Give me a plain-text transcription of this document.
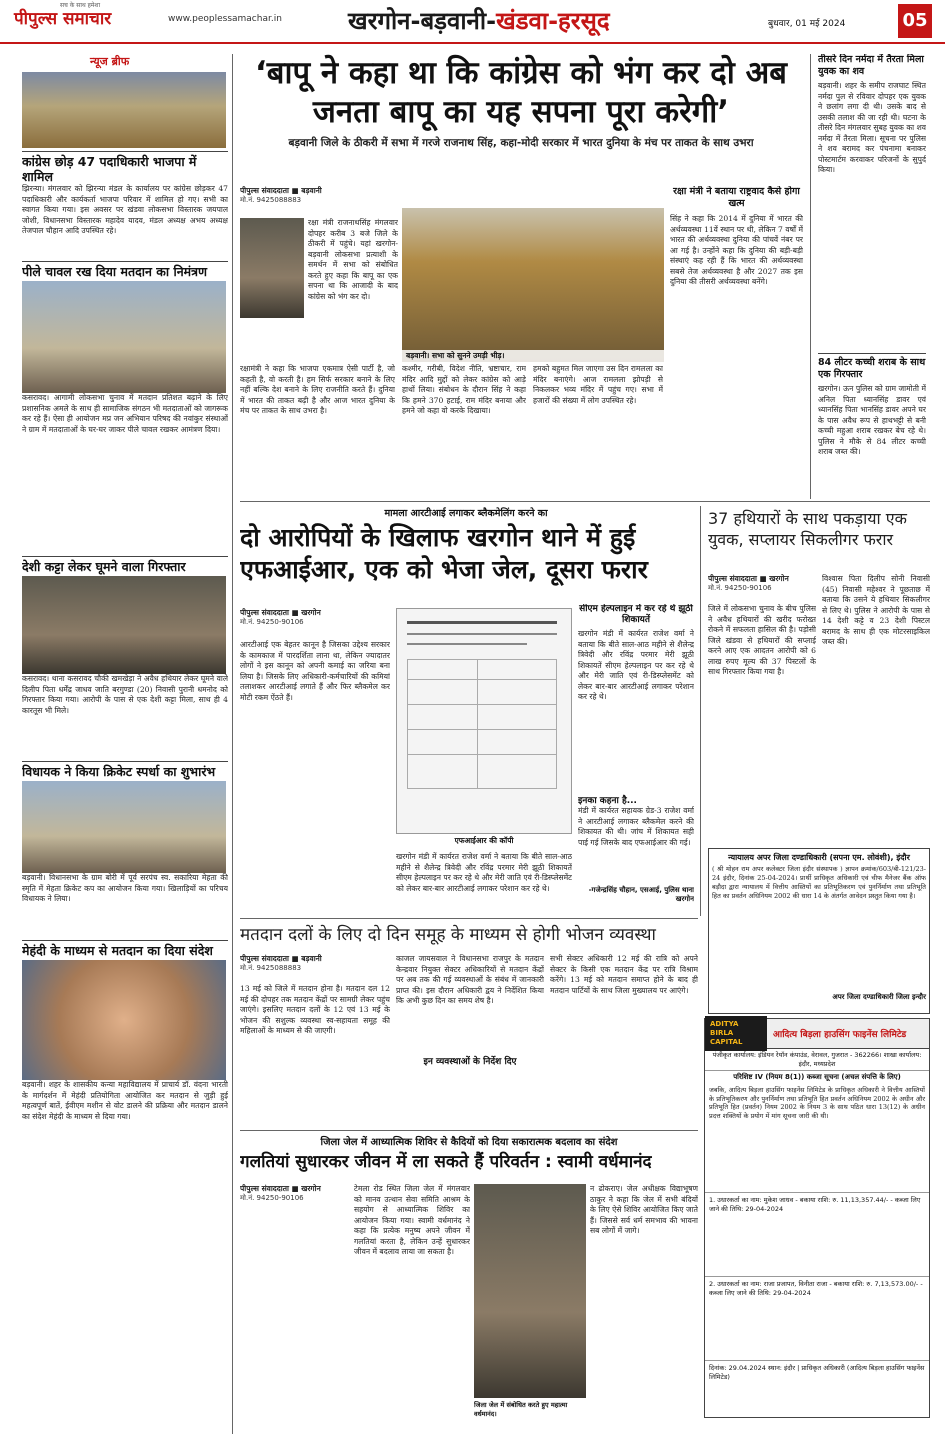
पीपुल्स समाचार
सच के साथ हमेशा
www.peoplessamachar.in	खरगोन-बड़वानी-खंडवा-हरसूद	बुधवार, 01 मई 2024	05
न्यूज ब्रीफ
कांग्रेस छोड़ 47 पदाधिकारी भाजपा में शामिल
झिरन्या। मंगलवार को झिरन्या मंडल के कार्यालय पर कांग्रेस छोड़कर 47 पदाधिकारी और कार्यकर्ता भाजपा परिवार में शामिल हो गए। सभी का स्वागत किया गया। इस अवसर पर खंडवा लोकसभा विस्तारक जयपाल जोशी, विधानसभा विस्तारक महादेव यादव, मंडल अध्यक्ष अभय अध्यक्ष तेजपाल चौहान आदि उपस्थित रहे।
पीले चावल रख दिया मतदान का निमंत्रण
कसरावद। आगामी लोकसभा चुनाव में मतदान प्रतिशत बढ़ाने के लिए प्रशासनिक अमले के साथ ही सामाजिक संगठन भी मतदाताओं को जागरूक कर रहे हैं। ऐसा ही आयोजन मप्र जन अभियान परिषद की नवांकुर संस्थाओं ने ग्राम में मतदाताओं के घर-घर जाकर पीले चावल रखकर आमंत्रण दिया।
देशी कट्टा लेकर घूमने वाला गिरफ्तार
कसरावद। थाना कसरावद चौकी खमखेड़ा ने अवैध हथियार लेकर घूमने वाले दिलीप पिता धर्मेंद्र जाधव जाति बरगुण्डा (20) निवासी पुरानी धमनोद को गिरफ्तार किया गया। आरोपी के पास से एक देशी कट्टा मिला, साथ ही 4 कारतूस भी मिले।
विधायक ने किया क्रिकेट स्पर्धा का शुभारंभ
बड़वानी। विधानसभा के ग्राम बोरी में पूर्व सरपंच स्व. सकारिया मेहता की स्मृति में मेहता क्रिकेट कप का आयोजन किया गया। खिलाड़ियों का परिचय विधायक ने लिया।
मेहंदी के माध्यम से मतदान का दिया संदेश
बड़वानी। शहर के शासकीय कन्या महाविद्यालय में प्राचार्य डॉ. वंदना भारती के मार्गदर्शन में मेहंदी प्रतियोगिता आयोजित कर मतदान से जुड़ी हुई महत्वपूर्ण बातें, ईवीएम मशीन से वोट डालने की प्रक्रिया और मतदान डालने का संदेश मेहंदी के माध्यम से दिया गया।
‘बापू ने कहा था कि कांग्रेस को भंग कर दो अब जनता बापू का यह सपना पूरा करेगी’
बड़वानी जिले के ठीकरी में सभा में गरजे राजनाथ सिंह, कहा-मोदी सरकार में भारत दुनिया के मंच पर ताकत के साथ उभरा
पीपुल्स संवाददाता ■ बड़वानी
मो.नं. 9425088883
रक्षा मंत्री राजनाथसिंह मंगलवार दोपहर करीब 3 बजे जिले के ठीकरी में पहुंचे। यहां खरगोन-बड़वानी लोकसभा प्रत्याशी के समर्थन में सभा को संबोधित करते हुए कहा कि बापू का एक सपना था कि आजादी के बाद कांग्रेस को भंग कर दो।
बड़वानी। सभा को सुनने उमड़ी भीड़।
रक्षामंत्री ने कहा कि भाजपा एकमात्र ऐसी पार्टी है, जो कहती है, वो करती है। हम सिर्फ सरकार बनाने के लिए नहीं बल्कि देश बनाने के लिए राजनीति करते हैं। दुनिया में भारत की ताकत बढ़ी है और आज भारत दुनिया के मंच पर ताकत के साथ उभरा है।
कश्मीर, गरीबी, विदेश नीति, भ्रष्टाचार, राम मंदिर आदि मुद्दों को लेकर कांग्रेस को आड़े हाथों लिया। संबोधन के दौरान सिंह ने कहा कि हमने 370 हटाई, राम मंदिर बनाया और हमने जो कहा वो करके दिखाया।
हमको बहुमत मिल जाएगा उस दिन रामलला का मंदिर बनाएंगे। आज रामलला झोपड़ी से निकलकर भव्य मंदिर में पहुंच गए। सभा में हजारों की संख्या में लोग उपस्थित रहे।
रक्षा मंत्री ने बताया राष्ट्रवाद कैसे होगा खत्म
सिंह ने कहा कि 2014 में दुनिया में भारत की अर्थव्यवस्था 11वें स्थान पर थी, लेकिन 7 वर्षों में भारत की अर्थव्यवस्था दुनिया की पांचवें नंबर पर आ गई है। उन्होंने कहा कि दुनिया की बड़ी-बड़ी संस्थाएं कह रही हैं कि भारत की अर्थव्यवस्था सबसे तेज अर्थव्यवस्था है और 2027 तक इस दुनिया की तीसरी अर्थव्यवस्था बनेंगे।
तीसरे दिन नर्मदा में तैरता मिला युवक का शव
बड़वानी। शहर के समीप राजघाट स्थित नर्मदा पुल से रविवार दोपहर एक युवक ने छलांग लगा दी थी। उसके बाद से उसकी तलाश की जा रही थी। घटना के तीसरे दिन मंगलवार सुबह युवक का शव नर्मदा में तैरता मिला। सूचना पर पुलिस ने शव बरामद कर पंचनामा बनाकर पोस्टमार्टम करवाकर परिजनों के सुपुर्द किया।
84 लीटर कच्ची शराब के साथ एक गिरफ्तार
खरगोन। ऊन पुलिस को ग्राम जामोती में अनिल पिता ध्यानसिंह डावर एवं ध्यानसिंह पिता भानसिंह डावर अपने घर के पास अवैध रूप से हाथभट्टी से बनी कच्ची महुआ शराब रखकर बेच रहे थे। पुलिस ने मौके से 84 लीटर कच्ची शराब जब्त की।
मामला आरटीआई लगाकर ब्लैकमेलिंग करने का
दो आरोपियों के खिलाफ खरगोन थाने में हुई एफआईआर, एक को भेजा जेल, दूसरा फरार
पीपुल्स संवाददाता ■ खरगोन
मो.नं. 94250-90106
आरटीआई एक बेहतर कानून है जिसका उद्देश्य सरकार के कामकाज में पारदर्शिता लाना था, लेकिन ज्यादातर लोगों ने इस कानून को अपनी कमाई का जरिया बना लिया है। जिसके लिए अधिकारी-कर्मचारियों की कमियां तलाशकर आरटीआई लगाते हैं और फिर ब्लैकमेल कर मोटी रकम ऐंठते हैं।
एफआईआर की कॉपी
खरगोन मंडी में कार्यरत राजेश वर्मा ने बताया कि बीते साल-आठ महीने से शैलेन्द्र त्रिवेदी और रविंद्र परमार मेरी झूठी शिकायतें सीएम हेल्पलाइन पर कर रहे थे और मेरी जाति एवं री-डिस्प्लेसमेंट को लेकर बार-बार आरटीआई लगाकर परेशान कर रहे थे।
सीएम हेल्पलाइन में कर रहे थे झूठी शिकायतें
खरगोन मंडी में कार्यरत राजेश वर्मा ने बताया कि बीते साल-आठ महीने से शैलेन्द्र त्रिवेदी और रविंद्र परमार मेरी झूठी शिकायतें सीएम हेल्पलाइन पर कर रहे थे और मेरी जाति एवं री-डिस्प्लेसमेंट को लेकर बार-बार आरटीआई लगाकर परेशान कर रहे थे।
इनका कहना है...
मंडी में कार्यरत सहायक ग्रेड-3 राजेश वर्मा ने आरटीआई लगाकर ब्लैकमेल करने की शिकायत की थी। जांच में शिकायत सही पाई गई जिसके बाद एफआईआर की गई।
-गजेन्द्रसिंह चौहान, एसआई, पुलिस थाना खरगोन
37 हथियारों के साथ पकड़ाया एक युवक, सप्लायर सिकलीगर फरार
पीपुल्स संवाददाता ■ खरगोन
मो.नं. 94250-90106
जिले में लोकसभा चुनाव के बीच पुलिस ने अवैध हथियारों की खरीद फरोख्त रोकने में सफलता हासिल की है। पड़ोसी जिले खंडवा से हथियारों की सप्लाई करने आए एक आदतन आरोपी को 6 लाख रुपए मूल्य की 37 पिस्टलों के साथ गिरफ्तार किया गया है।
विश्वास पिता दिलीप सोनी निवासी (45) निवासी महेश्वर ने पूछताछ में बताया कि उसने ये हथियार सिकलीगर से लिए थे। पुलिस ने आरोपी के पास से 14 देशी कट्टे व 23 देशी पिस्टल बरामद के साथ ही एक मोटरसाइकिल जब्त की।
न्यायालय अपर जिला दण्डाधिकारी (सपना एम. लोवंशी), इंदौर
( श्री मोहन राम अपर कलेक्टर जिला इंदौर संस्थापक ) ज्ञापन क्रमांक/603/बी-121/23-24 इंदौर, दिनांक 25-04-2024। प्रार्थी प्राधिकृत अधिकारी एवं चीफ मैनेजर बैंक ऑफ बड़ौदा द्वारा न्यायालय में वित्तीय आस्तियों का प्रतिभूतिकरण एवं पुनर्निर्माण तथा प्रतिभूति हित का प्रवर्तन अधिनियम 2002 की धारा 14 के अंतर्गत आवेदन प्रस्तुत किया गया है।
अपर जिला दण्डाधिकारी जिला इन्दौर
मतदान दलों के लिए दो दिन समूह के माध्यम से होगी भोजन व्यवस्था
पीपुल्स संवाददाता ■ बड़वानी
मो.नं. 9425088883
13 मई को जिले में मतदान होना है। मतदान दल 12 मई की दोपहर तक मतदान केंद्रों पर सामग्री लेकर पहुंच जाएंगे। इसलिए मतदान दलों के 12 एवं 13 मई के भोजन की सशुल्क व्यवस्था स्व-सहायता समूह की महिलाओं के माध्यम से की जाएगी।
काजल जायसवाल ने विधानसभा राजपुर के मतदान केन्द्रवार नियुक्त सेक्टर अधिकारियों से मतदान केंद्रों पर अब तक की गई व्यवस्थाओं के संबंध में जानकारी प्राप्त की। इस दौरान अधिकारी द्वय ने निर्देशित किया कि अभी कुछ दिन का समय शेष है।
इन व्यवस्थाओं के निर्देश दिए
सभी सेक्टर अधिकारी 12 मई की रात्रि को अपने सेक्टर के किसी एक मतदान केंद्र पर रात्रि विश्राम करेंगे। 13 मई को मतदान समाप्त होने के बाद ही मतदान पार्टियों के साथ जिला मुख्यालय पर आएंगे।
ADITYA BIRLA CAPITAL
आदित्य बिड़ला हाउसिंग फाइनेंस लिमिटेड
पंजीकृत कार्यालय: इंडियन रेयॉन कंपाउंड, वेरावल, गुजरात - 362266। शाखा कार्यालय: इंदौर, मध्यप्रदेश
परिशिष्ट IV (नियम 8(1)) कब्जा सूचना (अचल संपत्ति के लिए)
जबकि, आदित्य बिड़ला हाउसिंग फाइनेंस लिमिटेड के प्राधिकृत अधिकारी ने वित्तीय आस्तियों के प्रतिभूतिकरण और पुनर्निर्माण तथा प्रतिभूति हित प्रवर्तन अधिनियम 2002 के अधीन और प्रतिभूति हित (प्रवर्तन) नियम 2002 के नियम 3 के साथ पठित धारा 13(12) के अधीन प्रदत्त शक्तियों के प्रयोग में मांग सूचना जारी की थी।
1. उधारकर्ता का नाम: मुकेश जाधव - बकाया राशि: रु. 11,13,357.44/- - कब्जा लिए जाने की तिथि: 29-04-2024
2. उधारकर्ता का नाम: राजा प्रजापत, विनीता राजा - बकाया राशि: रु. 7,13,573.00/- - कब्जा लिए जाने की तिथि: 29-04-2024
दिनांक: 29.04.2024 स्थान: इंदौर | प्राधिकृत अधिकारी (आदित्य बिड़ला हाउसिंग फाइनेंस लिमिटेड)
जिला जेल में आध्यात्मिक शिविर से कैदियों को दिया सकारात्मक बदलाव का संदेश
गलतियां सुधारकर जीवन में ला सकते हैं परिवर्तन : स्वामी वर्धमानंद
पीपुल्स संवाददाता ■ खरगोन
मो.नं. 94250-90106
टेमला रोड स्थित जिला जेल में मंगलवार को मानव उत्थान सेवा समिति आश्रम के सहयोग से आध्यात्मिक शिविर का आयोजन किया गया। स्वामी वर्धमानंद ने कहा कि प्रत्येक मनुष्य अपने जीवन में गलतियां करता है, लेकिन उन्हें सुधारकर जीवन में बदलाव लाया जा सकता है।
जिला जेल में संबोधित करते हुए महात्मा वर्धमानंद।
न ढोकराए। जेल अधीक्षक विद्याभूषण ठाकुर ने कहा कि जेल में सभी बंदियों के लिए ऐसे शिविर आयोजित किए जाते हैं। जिससे सर्व धर्म समभाव की भावना सब लोगों में जागे।
